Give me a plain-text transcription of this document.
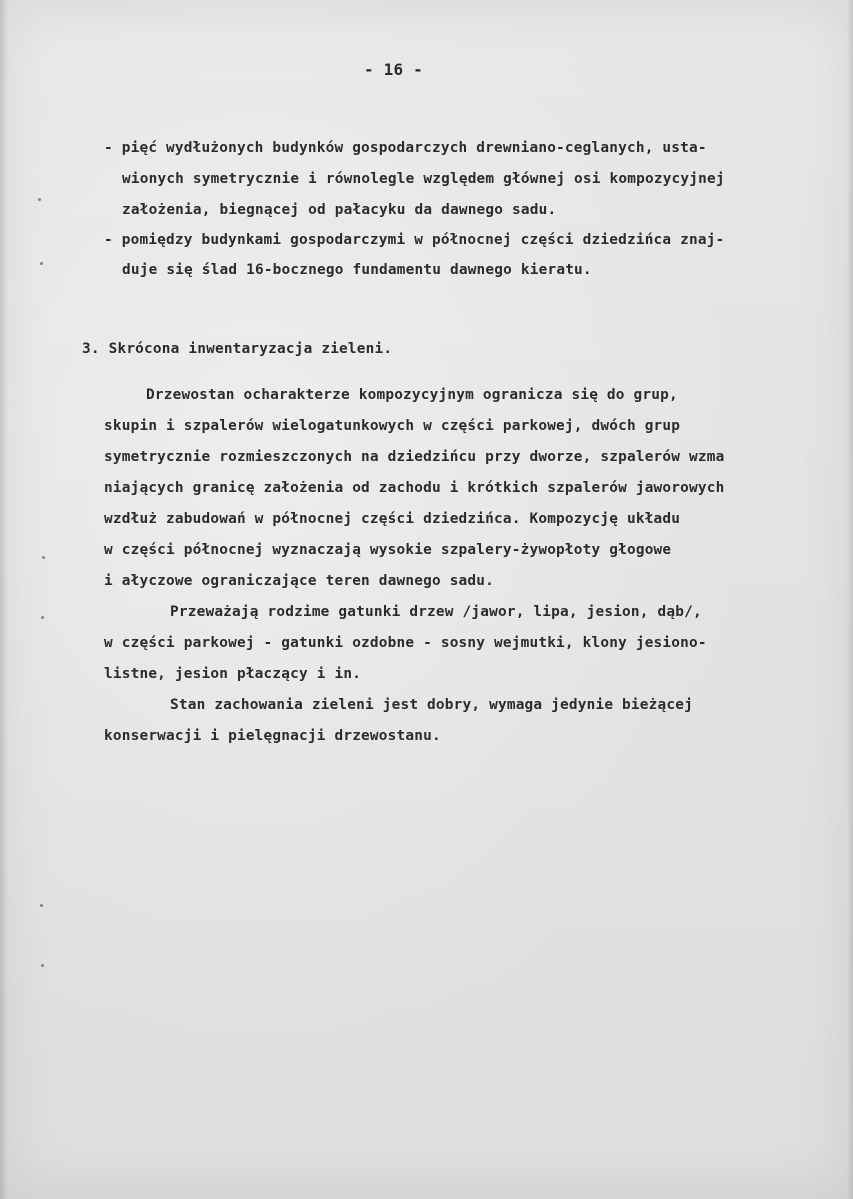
- 16 -
- pięć wydłużonych budynków gospodarczych drewniano-ceglanych, usta-
wionych symetrycznie i równolegle względem głównej osi kompozycyjnej
założenia, biegnącej od pałacyku da dawnego sadu.
- pomiędzy budynkami gospodarczymi w północnej części dziedzińca znaj-
duje się ślad 16-bocznego fundamentu dawnego kieratu.
3. Skrócona inwentaryzacja zieleni.
Drzewostan ocharakterze kompozycyjnym ogranicza się do grup,
skupin i szpalerów wielogatunkowych w części parkowej, dwóch grup
symetrycznie rozmieszczonych na dziedzińcu przy dworze, szpalerów wzma
niających granicę założenia od zachodu i krótkich szpalerów jaworowych
wzdłuż zabudowań w północnej części dziedzińca. Kompozycję układu
w części północnej wyznaczają wysokie szpalery-żywopłoty głogowe
i ałyczowe ograniczające teren dawnego sadu.
Przeważają rodzime gatunki drzew /jawor, lipa, jesion, dąb/,
w części parkowej - gatunki ozdobne - sosny wejmutki, klony jesiono-
listne, jesion płaczący i in.
Stan zachowania zieleni jest dobry, wymaga jedynie bieżącej
konserwacji i pielęgnacji drzewostanu.
